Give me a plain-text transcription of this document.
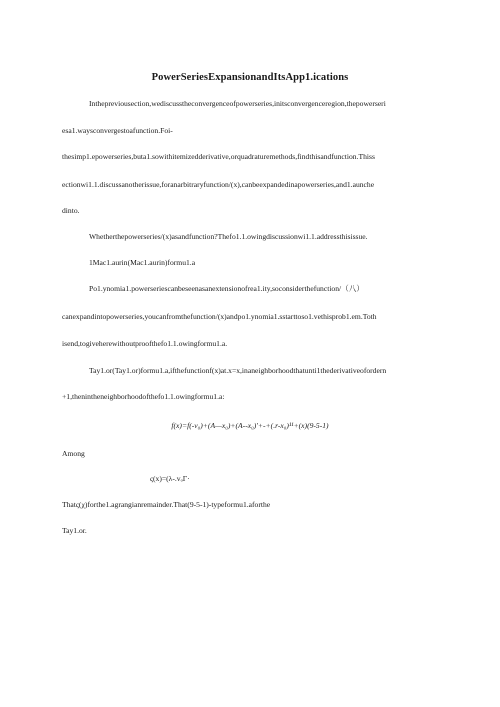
PowerSeriesExpansionandItsApp1.ications
Inthepreviousection,wediscusstheconvergenceofpowerseries,initsconvergenceregion,thepowerseri
esa1.waysconvergestoafunction.Foi-
thesimp1.epowerseries,buta1.sowithitemizedderivative,orquadraturemethods,findthisandfunction.Thiss
ectionwi1.1.discussanotherissue,foranarbitraryfunction/(x),canbeexpandedinapowerseries,and1.aunche
dinto.
Whetherthepowerseries/(x)asandfunction?Thefo1.1.owingdiscussionwi1.1.addressthisissue.
1Mac1.aurin(Mac1.aurin)formu1.a
Po1.ynomia1.powerseriescanbeseenasanextensionofrea1.ity,soconsiderthefunction/（八）
canexpandintopowerseries,youcanfromthefunction/(x)andpo1.ynomia1.sstarttoso1.vethisprob1.em.Toth
isend,togiveherewithoutproofthefo1.1.owingformu1.a.
Tay1.or(Tay1.or)formu1.a,ifthefunctionf(x)at.x=x,inaneighborhoodthatunti1thederivativeofordern
+1,thenintheneighborhoodofthefo1.1.owingformu1.a:
f(x)=f(-v₀)+(A—x₀)+(A--x₀)'+-+(.r-x₀)¹¹+(x)(9-5-1)
Among
ς(x)=(λ-.vₒΓ·
Thatς(χ)forthe1.agrangianremainder.That(9-5-1)-typeformu1.aforthe
Tay1.or.
